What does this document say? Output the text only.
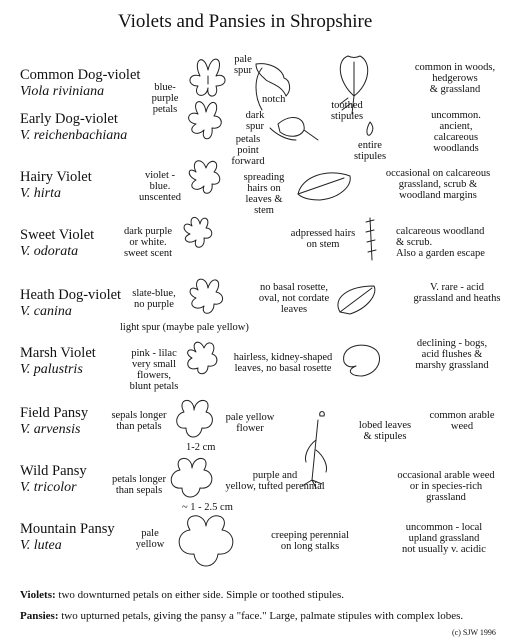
Violets and Pansies in Shropshire
Common Dog-violet
Viola riviniana	blue-
purple
petals
pale
spur
notch
toothed
stipules
common in woods,
hedgerows
& grassland
Early Dog-violet
V. reichenbachiana
dark
spur
petals
point
forward
entire
stipules
uncommon.
ancient,
calcareous
woodlands
Hairy Violet
V. hirta
violet -
blue.
unscented
spreading
hairs on
leaves &
stem
occasional on calcareous
grassland, scrub &
woodland margins
Sweet Violet
V. odorata
dark purple
or white.
sweet scent
adpressed hairs
on stem
calcareous woodland
& scrub.
Also a garden escape
Heath Dog-violet
V. canina
slate-blue,
no purple
no basal rosette,
oval, not cordate
leaves
light spur (maybe pale yellow)
V. rare - acid
grassland and heaths
Marsh Violet
V. palustris
pink - lilac
very small
flowers,
blunt petals
hairless, kidney-shaped
leaves, no basal rosette
declining - bogs,
acid flushes &
marshy grassland
Field Pansy
V. arvensis
sepals longer
than petals
pale yellow
flower
1-2 cm
lobed leaves
& stipules
common arable
weed
Wild Pansy
V. tricolor
petals longer
than sepals
purple and
yellow, tufted perennial
~ 1 - 2.5 cm
occasional arable weed
or in species-rich
grassland
Mountain Pansy
V. lutea
pale
yellow
creeping perennial
on long stalks
uncommon - local
upland grassland
not usually v. acidic
Violets: two downturned petals on either side. Simple or toothed stipules.
Pansies: two upturned petals, giving the pansy a "face." Large, palmate stipules with complex lobes.
(c) SJW 1996
